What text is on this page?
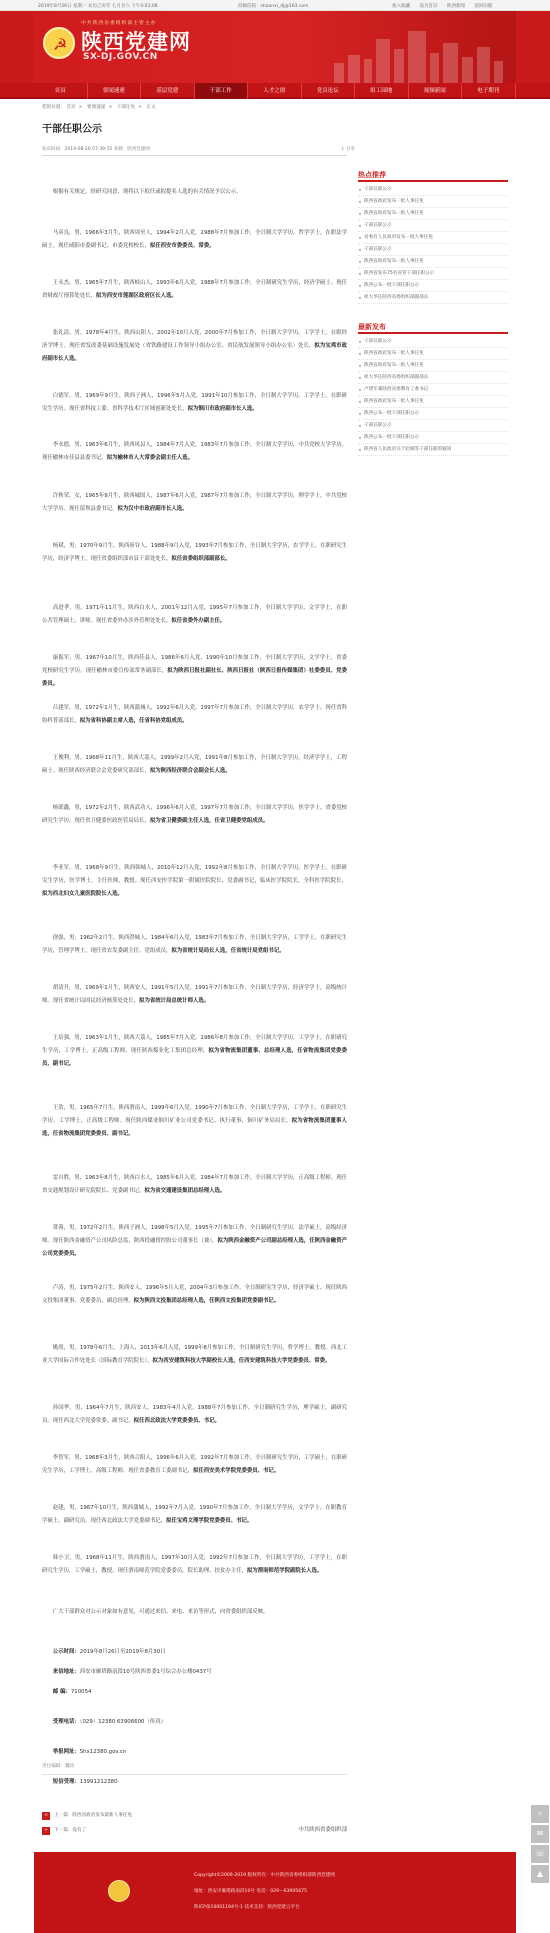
2019年8月26日 星期一 农历己亥年 七月廿六 下午4:03:08	投稿信箱：shaanxi_dj@163.com	加入收藏 设为首页 陕西新闻 返回旧版
☭
中共陕西省委组织部主管主办
陕西党建网
SX-DJ.GOV.CN
首页	要闻速递	基层党建	干部工作	人才之窗	党员论坛	组工园地	视频新闻	电子期刊
您的位置： 首页 > 要闻速递 > 干部任免 > 正文
干部任职公示
发布时间：2019-08-26 07:39:55 来源：陕西党建网	⇪ 分享

根据有关规定，经研究同意，现将以下拟任或拟提名人选的有关情况予以公示。

马彦良，男，1966年3月生，陕西周至人，1994年2月入党，1988年7月参加工作，全日制大学学历，哲学学士，在职法学硕士。现任咸阳市委副书记、市委党校校长，拟任西安市委委员、常委。

王永杰，男，1965年7月生，陕西岐山人，1993年6月入党，1988年7月参加工作，全日制研究生学历，经济学硕士。现任省财政厅预算处处长，拟为西安市莲湖区政府区长人选。

张礼清，男，1978年4月生，陕西山阳人，2002年10月入党，2000年7月参加工作，全日制大学学历，工学学士，在职经济学博士。现任省发改委基础设施发展处（省铁路建设工作领导小组办公室、省民航发展领导小组办公室）处长，拟为宝鸡市政府副市长人选。

白德军，男，1969年9月生，陕西子洲人，1996年5月入党，1991年10月参加工作，全日制大学学历，工学学士，在职研究生学历。现任省科技工委、省科学技术厅区域创新处处长，拟为铜川市政府副市长人选。

李永德，男，1963年6月生，陕西凤县人，1984年7月入党，1983年7月参加工作，全日制大学学历，中共党校大学学历。现任榆林市佳县县委书记，拟为榆林市人大常委会副主任人选。

许秋荣，女，1965年9月生，陕西城固人，1987年6月入党，1987年7月参加工作，全日制大学学历，理学学士，中共党校大学学历。现任留坝县委书记，拟为汉中市政府副市长人选。

杨斌，男，1970年9月生，陕西府谷人，1988年9月入党，1993年7月参加工作，全日制大学学历，农学学士，在职研究生学历，经济学博士。现任省委组织部市县干部处处长，拟任省委组织部副部长。

高进孝，男，1971年11月生，陕西白水人，2001年12月入党，1995年7月参加工作，全日制大学学历，文学学士，在职公共管理硕士，讲师。现任省委外办涉外管理处处长，拟任省委外办副主任。

康振军，男，1967年10月生，陕西佳县人，1986年6月入党，1990年10月参加工作，全日制大学学历，文学学士，省委党校研究生学历。现任榆林市委宣传部常务副部长，拟为陕西日报社副社长、陕西日报社（陕西日报传媒集团）社委委员、党委委员。

吕建军，男，1972年1月生，陕西蒲城人，1992年6月入党，1997年7月参加工作，全日制大学学历，农学学士。现任省科协科普部部长，拟为省科协副主席人选，任省科协党组成员。

王俊利，男，1968年11月生，陕西大荔人，1999年2月入党，1991年8月参加工作，全日制大学学历，经济学学士，工程硕士。现任陕西经济联合会党委研究部部长，拟为陕西经济联合会副会长人选。

杨联鑫，男，1972年2月生，陕西武功人，1996年6月入党，1997年7月参加工作，全日制大学学历，医学学士，省委党校研究生学历。现任省卫健委医政医管局局长，拟为省卫健委副主任人选，任省卫健委党组成员。

李亚军，男，1968年9月生，陕西韩城人，2010年12月入党，1992年8月参加工作，全日制大学学历，医学学士，在职研究生学历，医学博士，主任医师，教授。现任西安医学院第一附属医院院长、党委副书记，临床医学院院长，全科医学院院长，拟为西北妇女儿童医院院长人选。

徐强，男，1962年2月生，陕西澄城人，1984年6月入党，1983年7月参加工作，全日制大学学历，工学学士，在职研究生学历，管理学博士。现任省农发委副主任，党组成员，拟为省统计局局长人选，任省统计局党组书记。

胡清升，男，1969年1月生，陕西安人，1991年5月入党，1991年7月参加工作，全日制大学学历，经济学学士，高级统计师。现任省统计局国民经济核算处处长，拟为省统计局总统计师人选。

王培强，男，1963年1月生，陕西大荔人，1985年7月入党，1986年8月参加工作，全日制大学学历，工学学士，在职研究生学历，工学博士，正高级工程师。现任陕西煤业化工集团总经理，拟为省物流集团董事、总经理人选，任省物流集团党委委员、副书记。

王浩，男，1965年7月生，陕西渭南人，1999年6月入党，1990年7月参加工作，全日制大学学历，工学学士，在职研究生学历，工学博士，正高级工程师。现任陕西煤业铜川矿业公司党委书记、执行董事，铜川矿务局局长，拟为省物流集团董事人选，任省物流集团党委委员、副书记。

雷自胜，男，1963年8月生，陕西白水人，1985年6月入党，1984年7月参加工作，全日制大学学历，正高级工程师。现任省交通规划设计研究院院长、党委副书记，拟为省交通建设集团总经理人选。

常蓉，男，1972年2月生，陕西子洲人，1998年5月入党，1995年7月参加工作，全日制研究生学历，法学硕士，高级经济师。现任陕西金融资产公司风险总监，陕西投融资控股公司董事长（兼），拟为陕西金融资产公司副总经理人选，任陕西金融资产公司党委委员。

卢涛，男，1975年2月生，陕西安人，1996年5月入党，2004年3月参加工作，全日制研究生学历，经济学硕士。现任陕西文投集团董事、党委委员，副总经理，拟为陕西文投集团总经理人选，任陕西文投集团党委副书记。

姚尚，男，1978年6月生，上海人，2013年6月入党，1999年8月参加工作，全日制研究生学历，哲学博士，教授。西北工业大学国际合作处处长（国际教育学院院长），拟为西安建筑科技大学副校长人选，任西安建筑科技大学党委委员、常委。

孙国华，男，1964年7月生，陕西安人，1983年4月入党，1988年7月参加工作，全日制研究生学历，理学硕士，副研究员。现任西北大学党委常委、副书记，拟任西北政法大学党委委员、书记。

李智军，男，1968年3月生，陕西合阳人，1996年6月入党，1992年7月参加工作，全日制研究生学历，工学硕士，在职研究生学历，工学博士，高级工程师。现任省委教育工委副书记，拟任西安美术学院党委委员、书记。

赵建，男，1967年10月生，陕西蒲城人，1992年7月入党，1990年7月参加工作，全日制大学学历，文学学士，在职教育学硕士，副研究员。现任西北政法大学党委副书记，拟任宝鸡文理学院党委委员、书记。

韩小卫，男，1968年11月生，陕西渭南人，1997年10月入党，1992年7月参加工作，全日制大学学历，工学学士，在职研究生学历，工学硕士，教授。现任渭南师范学院党委委员，院长助理、扶贫办主任，拟为渭南师范学院副院长人选。

广大干部群众对公示对象如有意见，可通过来信、来电、来访等形式，向省委组织部反映。

公示时间：2019年8月26日至2019年8月30日

来信地址：西安市雁塔路南段10号陕西省委1号综合办公楼0437号

邮 编：710054

受理电话：（029）12380 63906600（传真）

举报网址：Shx12380.gov.cn

短信受理：13991212380

中共陕西省委组织部

热点推荐
干部任职公示
陕西省政府发布一批人事任免
陕西省政府发布一批人事任免
干部任职公示
省委有人民政府发布一批人事任免
干部任职公示
陕西省政府发布一批人事任免
陕西省发布75名省管干部任职公示
陕西公布一批干部任职公示
侯大华任陕西省委组织部副部长
最新发布
干部任职公示
陕西省政府发布一批人事任免
陕西省政府发布一批人事任免
侯大华任陕西省委组织部副部长
卢建军兼陕西省委教育工委书记
陕西省政府发布一批人事任免
陕西公布一批干部任职公示
干部任职公示
陕西公布一批干部任职公示
陕西省人民政府关于赵刚等干部任职的通知
责任编辑：魏涛
< 上一篇：陕西省政府发布最新人事任免
> 下一篇：没有了
Copyright©2009-2019 版权所有：中共陕西省委组织部陕西党建网
地址：西安市雁塔路南段10号 电话：029—63905675
陕ICP备10001194号-1 技术支持：陕西党建云平台
⌕
✉
☏
▲
